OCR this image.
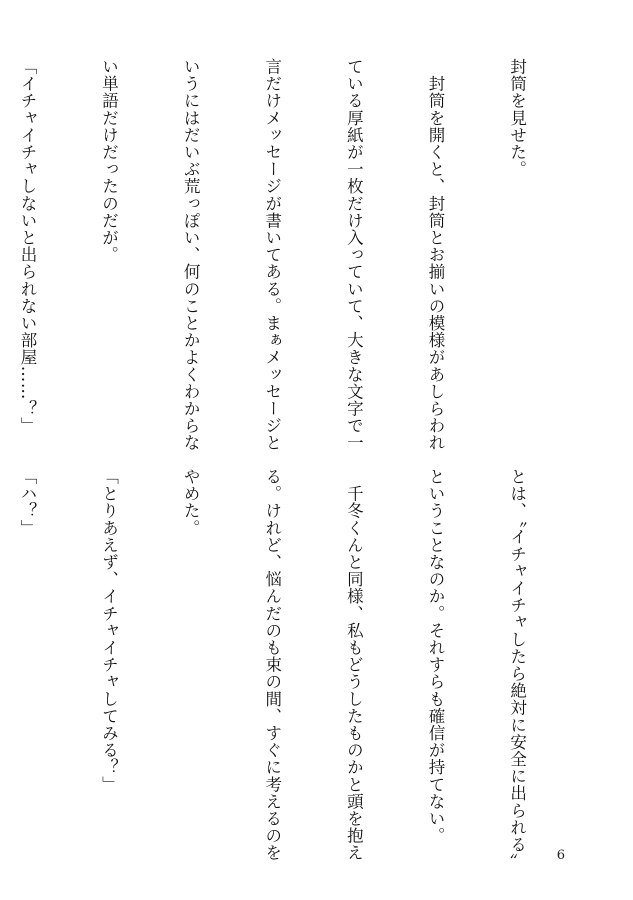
封筒を見せた。

　封筒を開くと、封筒とお揃いの模様があしらわれ

ている厚紙が一枚だけ入っていて、大きな文字で一

言だけメッセージが書いてある。まぁメッセージと

いうにはだいぶ荒っぽい、何のことかよくわからな

い単語だけだったのだが。

「イチャイチャしないと出られない部屋……？」

とは、〝イチャイチャしたら絶対に安全に出られる〟

ということなのか。それすらも確信が持てない。

　千冬くんと同様、私もどうしたものかと頭を抱え

る。けれど、悩んだのも束の間、すぐに考えるのを

やめた。

「とりあえず、イチャイチャしてみる？」

「ハ？」

6
